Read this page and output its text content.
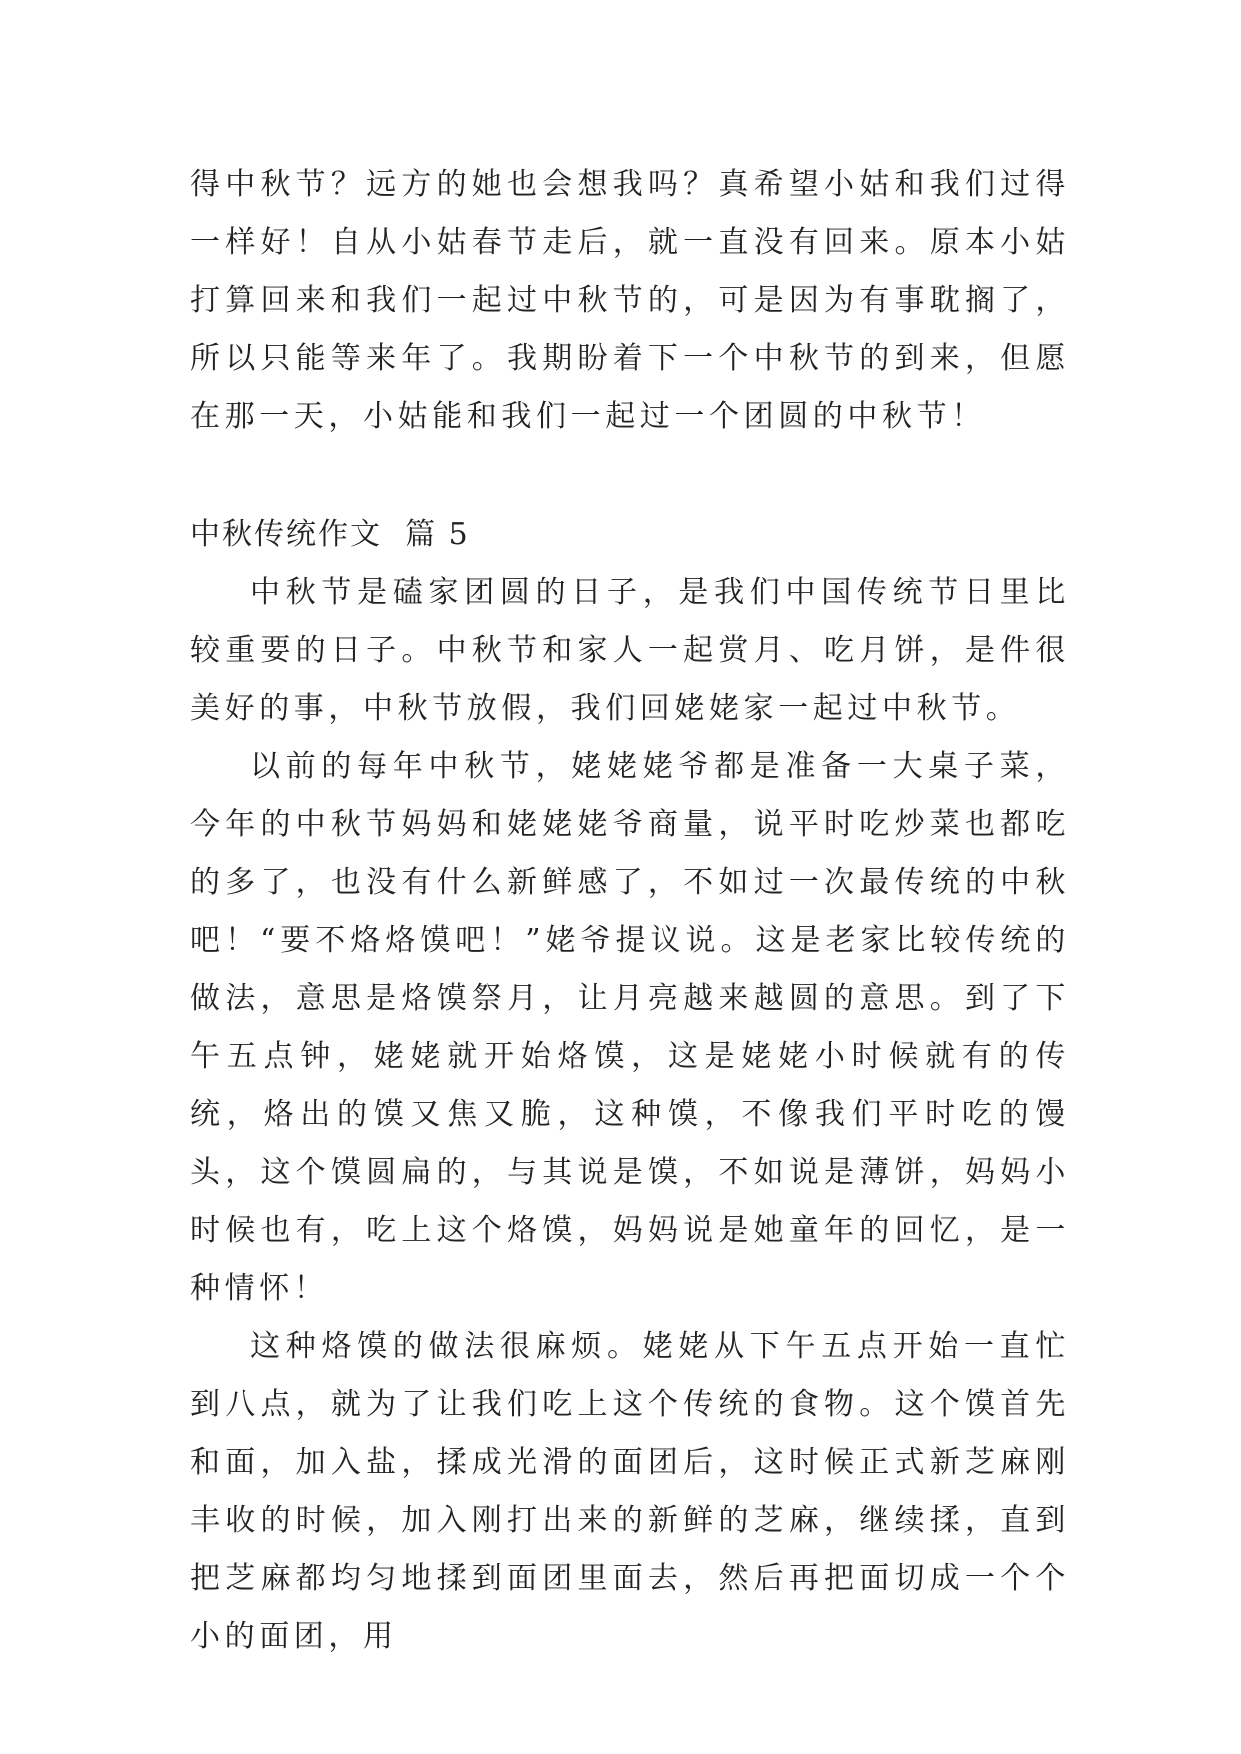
得中秋节？远方的她也会想我吗？真希望小姑和我们过得一样好！自从小姑春节走后，就一直没有回来。原本小姑打算回来和我们一起过中秋节的，可是因为有事耽搁了，所以只能等来年了。我期盼着下一个中秋节的到来，但愿在那一天，小姑能和我们一起过一个团圆的中秋节！

中秋传统作文  篇 5

中秋节是磕家团圆的日子，是我们中国传统节日里比较重要的日子。中秋节和家人一起赏月、吃月饼，是件很美好的事，中秋节放假，我们回姥姥家一起过中秋节。

以前的每年中秋节，姥姥姥爷都是准备一大桌子菜，今年的中秋节妈妈和姥姥姥爷商量，说平时吃炒菜也都吃的多了，也没有什么新鲜感了，不如过一次最传统的中秋吧！“要不烙烙馍吧！”姥爷提议说。这是老家比较传统的做法，意思是烙馍祭月，让月亮越来越圆的意思。到了下午五点钟，姥姥就开始烙馍，这是姥姥小时候就有的传统，烙出的馍又焦又脆，这种馍，不像我们平时吃的馒头，这个馍圆扁的，与其说是馍，不如说是薄饼，妈妈小时候也有，吃上这个烙馍，妈妈说是她童年的回忆，是一种情怀！

这种烙馍的做法很麻烦。姥姥从下午五点开始一直忙到八点，就为了让我们吃上这个传统的食物。这个馍首先和面，加入盐，揉成光滑的面团后，这时候正式新芝麻刚丰收的时候，加入刚打出来的新鲜的芝麻，继续揉，直到把芝麻都均匀地揉到面团里面去，然后再把面切成一个个小的面团，用
